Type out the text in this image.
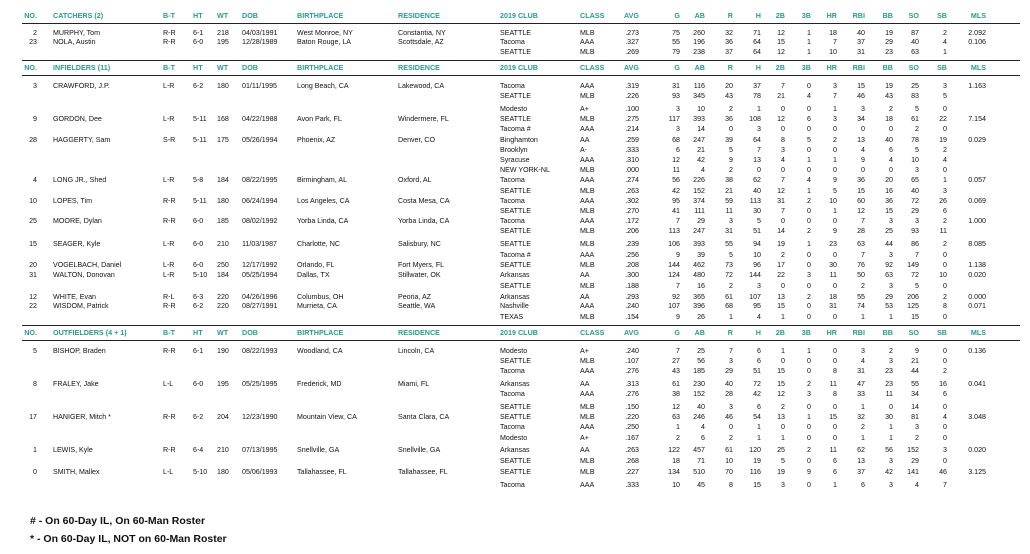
NO. CATCHERS (2)	B-T	HT WT DOB	BIRTHPLACE	RESIDENCE	2019 CLUB	CLASS	AVG	G AB	R	H 2B 3B HR RBI BB SO	SB	MLS
2 MURPHY, Tom	R-R 6-1 218 04/03/1991	West Monroe, NY	Constantia, NY	SEATTLE	MLB	.273	75 260	32	71 12	1	18	40	19	87	2	2.092
23 NOLA, Austin	R-R 6-0 195 12/28/1989	Baton Rouge, LA	Scottsdale, AZ	Tacoma	AAA	.327	55 196	36	64 15	1	7	37	29	40	4	0.106
SEATTLE	MLB	.269	79 238	37	64 12	1	10	31	23	63	1
NO. INFIELDERS (11)	B-T	HT WT DOB	BIRTHPLACE	RESIDENCE	2019 CLUB	CLASS	AVG	G AB	R	H 2B 3B HR RBI BB SO	SB	MLS
3 CRAWFORD, J.P.	L-R	6-2 180 01/11/1995	Long Beach, CA	Lakewood, CA	Tacoma	AAA	.319	31 116	20	37	7	0	3	15	19	25	3	1.163
SEATTLE	MLB	.226	93 345	43	78 21	4	7	46	43	83	5
Modesto	A+	.100	3 10	2	1	0	0	1	3	2	5	0
9 GORDON, Dee	L-R	5-11 168 04/22/1988	Avon Park, FL	Windermere, FL	SEATTLE	MLB	.275	117 393	36 108 12	6	3	34	18	61	22	7.154
Tacoma #	AAA	.214	3 14	0	3	0	0	0	0	0	2	0
28 HAGGERTY, Sam	S-R	5-11 175 05/26/1994	Phoenix, AZ	Denver, CO	Binghamton	AA	.259	68 247	39	64	8	5	2	13	40	78	19	0.029
Brooklyn	A-	.333	6 21	5	7	3	0	0	4	6	5	2
Syracuse	AAA	.310	12 42	9	13	4	1	1	9	4	10	4
NEW YORK-NL	MLB	.000	11	4	2	0	0	0	0	0	0	3	0
4 LONG JR., Shed	L-R	5-8 184 08/22/1995	Birmingham, AL	Oxford, AL	Tacoma	AAA	.274	56 226	38	62	7	4	9	36	20	65	1	0.057
SEATTLE	MLB	.263	42 152	21	40 12	1	5	15	16	40	3
10 LOPES, Tim	R-R 5-11 180 06/24/1994	Los Angeles, CA	Costa Mesa, CA	Tacoma	AAA	.302	95 374	59 113 31	2	10	60	36	72	26	0.069
SEATTLE	MLB	.270	41 111	11	30	7	0	1	12	15	29	6
25 MOORE, Dylan	R-R 6-0 185 08/02/1992	Yorba Linda, CA	Yorba Linda, CA	Tacoma	AAA	.172	7 29	3	5	0	0	0	7	3	3	2	1.000
SEATTLE	MLB	.206	113 247	31	51 14	2	9	28	25	93	11
15 SEAGER, Kyle	L-R	6-0 210 11/03/1987	Charlotte, NC	Salisbury, NC	SEATTLE	MLB	.239	106 393	55	94 19	1	23	63	44	86	2	8.085
Tacoma #	AAA	.256	9 39	5	10	2	0	0	7	3	7	0
20 VOGELBACH, Daniel	L-R	6-0 250 12/17/1992	Orlando, FL	Fort Myers, FL	SEATTLE	MLB	.208	144 462	73	96 17	0	30	76	92 149	0	1.138
31 WALTON, Donovan	L-R	5-10 184 05/25/1994	Dallas, TX	Stillwater, OK	Arkansas	AA	.300	124 480	72 144 22	3	11	50	63	72	10	0.020
SEATTLE	MLB	.188	7 16	2	3	0	0	0	2	3	5	0
12 WHITE, Evan	R-L	6-3 220 04/26/1996	Columbus, OH	Peoria, AZ	Arkansas	AA	.293	92 365	61 107 13	2	18	55	29 206	2	0.000
22 WISDOM, Patrick	R-R 6-2 220 08/27/1991	Murrieta, CA	Seattle, WA	Nashville	AAA	.240	107 396	68	95 15	0	31	74	53 125	8	0.071
TEXAS	MLB	.154	9 26	1	4	1	0	0	1	1	15	0
NO. OUTFIELDERS (4 + 1)	B-T	HT WT DOB	BIRTHPLACE	RESIDENCE	2019 CLUB	CLASS	AVG	G AB	R	H 2B 3B HR RBI BB SO	SB	MLS
5 BISHOP, Braden	R-R 6-1 190 08/22/1993	Woodland, CA	Lincoln, CA	Modesto	A+	.240	7 25	7	6	1	1	0	3	2	9	0	0.136
SEATTLE	MLB	.107	27 56	3	6	0	0	0	4	3	21	0
Tacoma	AAA	.276	43 185	29	51 15	0	8	31	23	44	2
8 FRALEY, Jake	L-L	6-0 195 05/25/1995	Frederick, MD	Miami, FL	Arkansas	AA	.313	61 230	40	72 15	2	11	47	23	55	16	0.041
Tacoma	AAA	.276	38 152	28	42 12	3	8	33	11	34	6
SEATTLE	MLB	.150	12 40	3	6	2	0	0	1	0	14	0
17 HANIGER, Mitch *	R-R 6-2 204 12/23/1990	Mountain View, CA	Santa Clara, CA	SEATTLE	MLB	.220	63 246	46	54 13	1	15	32	30	81	4	3.048
Tacoma	AAA	.250	1	4	0	1	0	0	0	2	1	3	0
Modesto	A+	.167	2	6	2	1	1	0	0	1	1	2	0
1 LEWIS, Kyle	R-R 6-4 210 07/13/1995	Snellville, GA	Snellville, GA	Arkansas	AA	.263	122 457	61 120 25	2	11	62	56 152	3	0.020
SEATTLE	MLB	.268	18 71	10	19	5	0	6	13	3	29	0
0 SMITH, Mallex	L-L	5-10 180 05/06/1993	Tallahassee, FL	Tallahassee, FL	SEATTLE	MLB	.227	134 510	70 116 19	9	6	37	42 141	46	3.125
Tacoma	AAA	.333	10 45	8	15	3	0	1	6	3	4	7
# - On 60-Day IL, On 60-Man Roster
* - On 60-Day IL, NOT on 60-Man Roster
